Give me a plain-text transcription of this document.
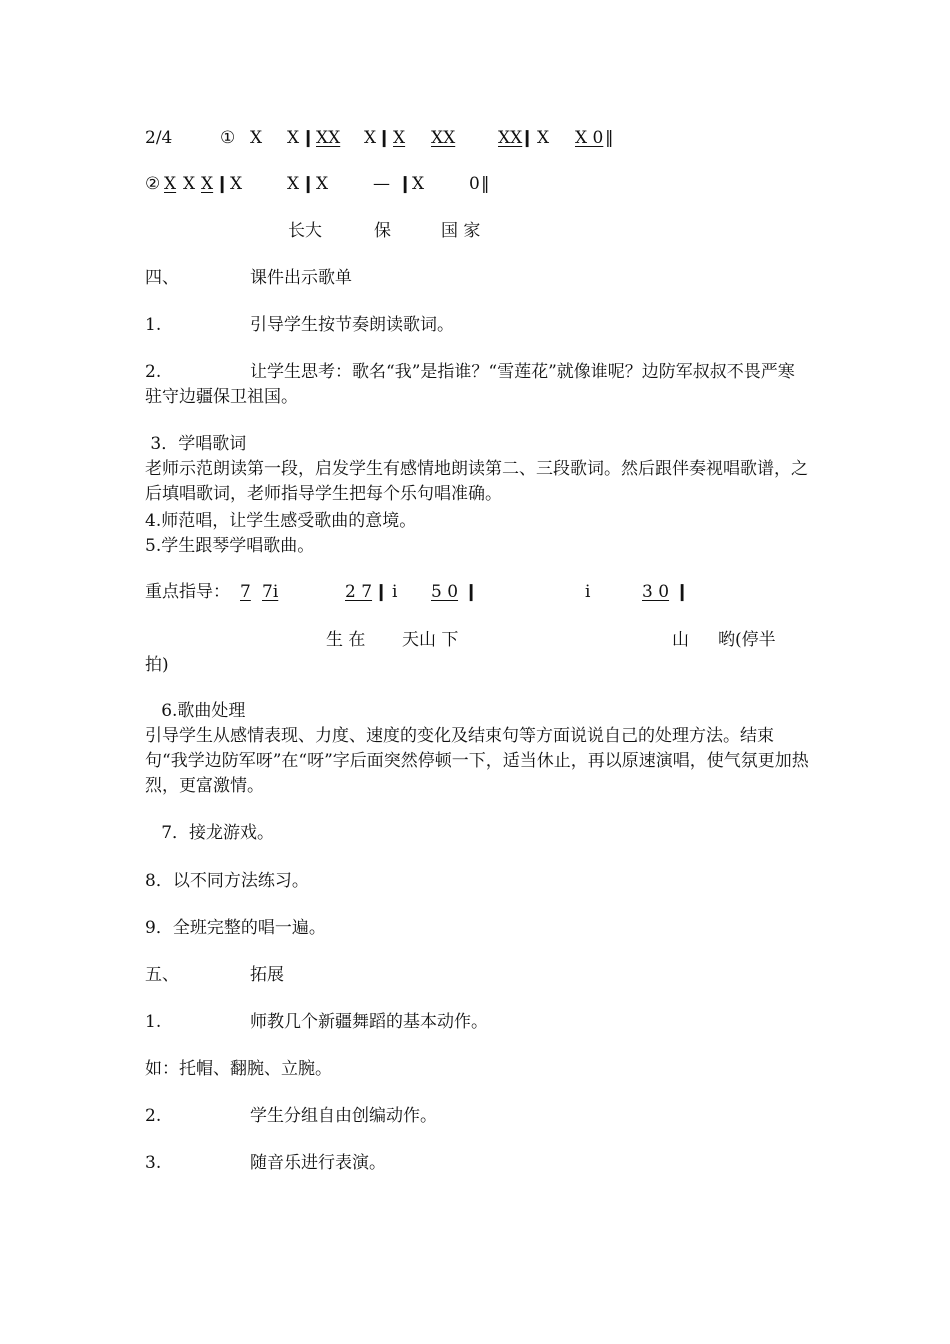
2/4	① X X ❙ XX X ❙ X	XX	XX
❙ X X 0 ‖
② X X X ❙ X	X ❙ X	— ❙ X	0 ‖
长大	保	国 家
四、	课件出示歌单
1.	引导学生按节奏朗读歌词。
2.	让学生思考：歌名“我”是指谁？“雪莲花”就像谁呢？边防军叔叔不畏严寒驻守边疆保卫祖国。
3．学唱歌词
老师示范朗读第一段，启发学生有感情地朗读第二、三段歌词。然后跟伴奏视唱歌谱，之后填唱歌词，老师指导学生把每个乐句唱准确。
4.师范唱，让学生感受歌曲的意境。
5.学生跟琴学唱歌曲。
重点指导： 7 7i	2 7 ❙ i 5 0 ❙	i	3 0 ❙
生 在 天山 下	山 哟(停半
拍)
6.歌曲处理
引导学生从感情表现、力度、速度的变化及结束句等方面说说自己的处理方法。结束句“我学边防军呀”在“呀”字后面突然停顿一下，适当休止，再以原速演唱，使气氛更加热烈，更富激情。
7．接龙游戏。
8．以不同方法练习。
9．全班完整的唱一遍。
五、	拓展
1.	师教几个新疆舞蹈的基本动作。
如：托帽、翻腕、立腕。
2.	学生分组自由创编动作。
3.	随音乐进行表演。
